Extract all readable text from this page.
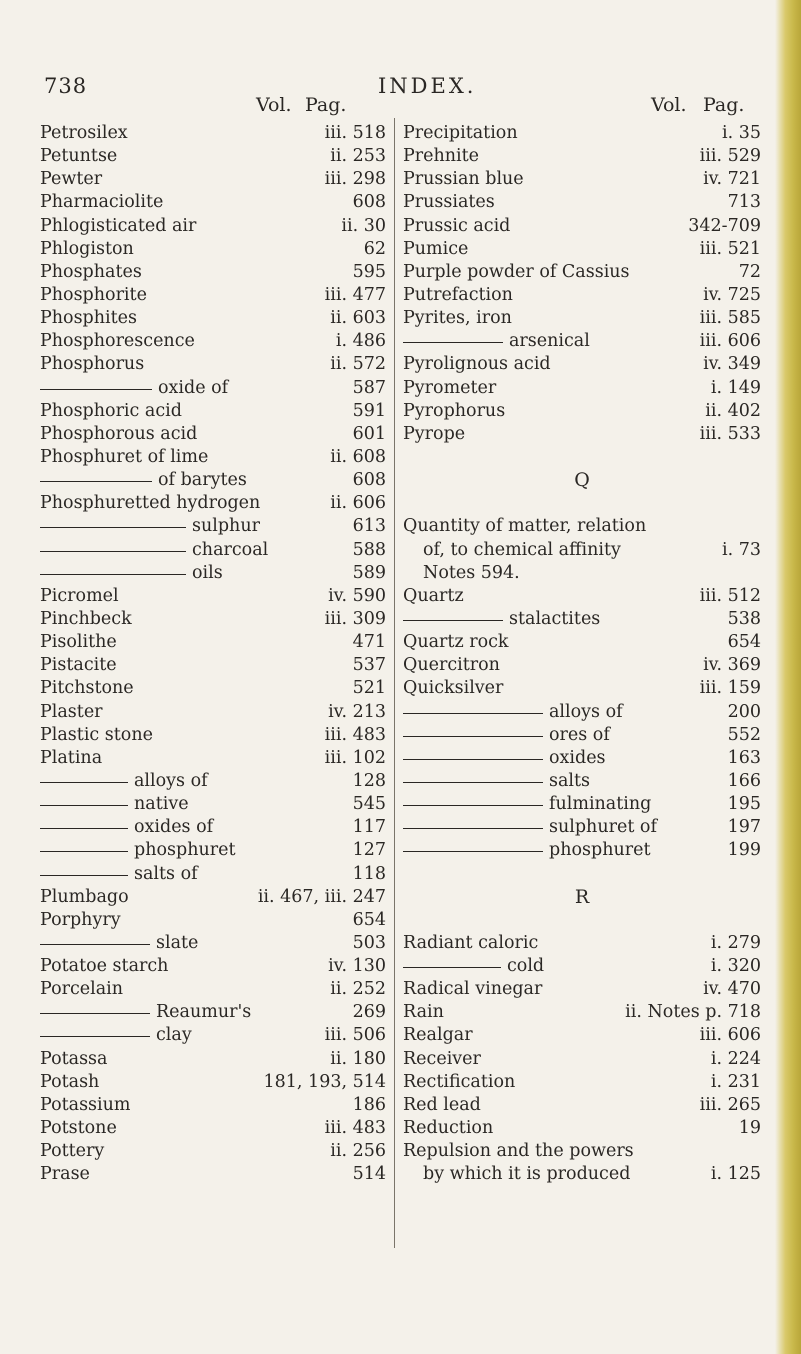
738	INDEX.
Vol. Pag.	Vol. Pag.
Petrosilex	iii. 518
Petuntse	ii. 253
Pewter	iii. 298
Pharmaciolite	608
Phlogisticated air	ii. 30
Phlogiston	62
Phosphates	595
Phosphorite	iii. 477
Phosphites	ii. 603
Phosphorescence	i. 486
Phosphorus	ii. 572
oxide of	587
Phosphoric acid	591
Phosphorous acid	601
Phosphuret of lime	ii. 608
of barytes	608
Phosphuretted hydrogen	ii. 606
sulphur	613
charcoal	588
oils	589
Picromel	iv. 590
Pinchbeck	iii. 309
Pisolithe	471
Pistacite	537
Pitchstone	521
Plaster	iv. 213
Plastic stone	iii. 483
Platina	iii. 102
alloys of	128
native	545
oxides of	117
phosphuret	127
salts of	118
Plumbago	ii. 467, iii. 247
Porphyry	654
slate	503
Potatoe starch	iv. 130
Porcelain	ii. 252
Reaumur's	269
clay	iii. 506
Potassa	ii. 180
Potash	181, 193, 514
Potassium	186
Potstone	iii. 483
Pottery	ii. 256
Prase	514
Precipitation	i. 35
Prehnite	iii. 529
Prussian blue	iv. 721
Prussiates	713
Prussic acid	342-709
Pumice	iii. 521
Purple powder of Cassius	72
Putrefaction	iv. 725
Pyrites, iron	iii. 585
arsenical	iii. 606
Pyrolignous acid	iv. 349
Pyrometer	i. 149
Pyrophorus	ii. 402
Pyrope	iii. 533
Q
Quantity of matter, relation
of, to chemical affinity	i. 73
Notes 594.
Quartz	iii. 512
stalactites	538
Quartz rock	654
Quercitron	iv. 369
Quicksilver	iii. 159
alloys of	200
ores of	552
oxides	163
salts	166
fulminating	195
sulphuret of	197
phosphuret	199
R
Radiant caloric	i. 279
cold	i. 320
Radical vinegar	iv. 470
Rain	ii. Notes p. 718
Realgar	iii. 606
Receiver	i. 224
Rectification	i. 231
Red lead	iii. 265
Reduction	19
Repulsion and the powers
by which it is produced	i. 125
